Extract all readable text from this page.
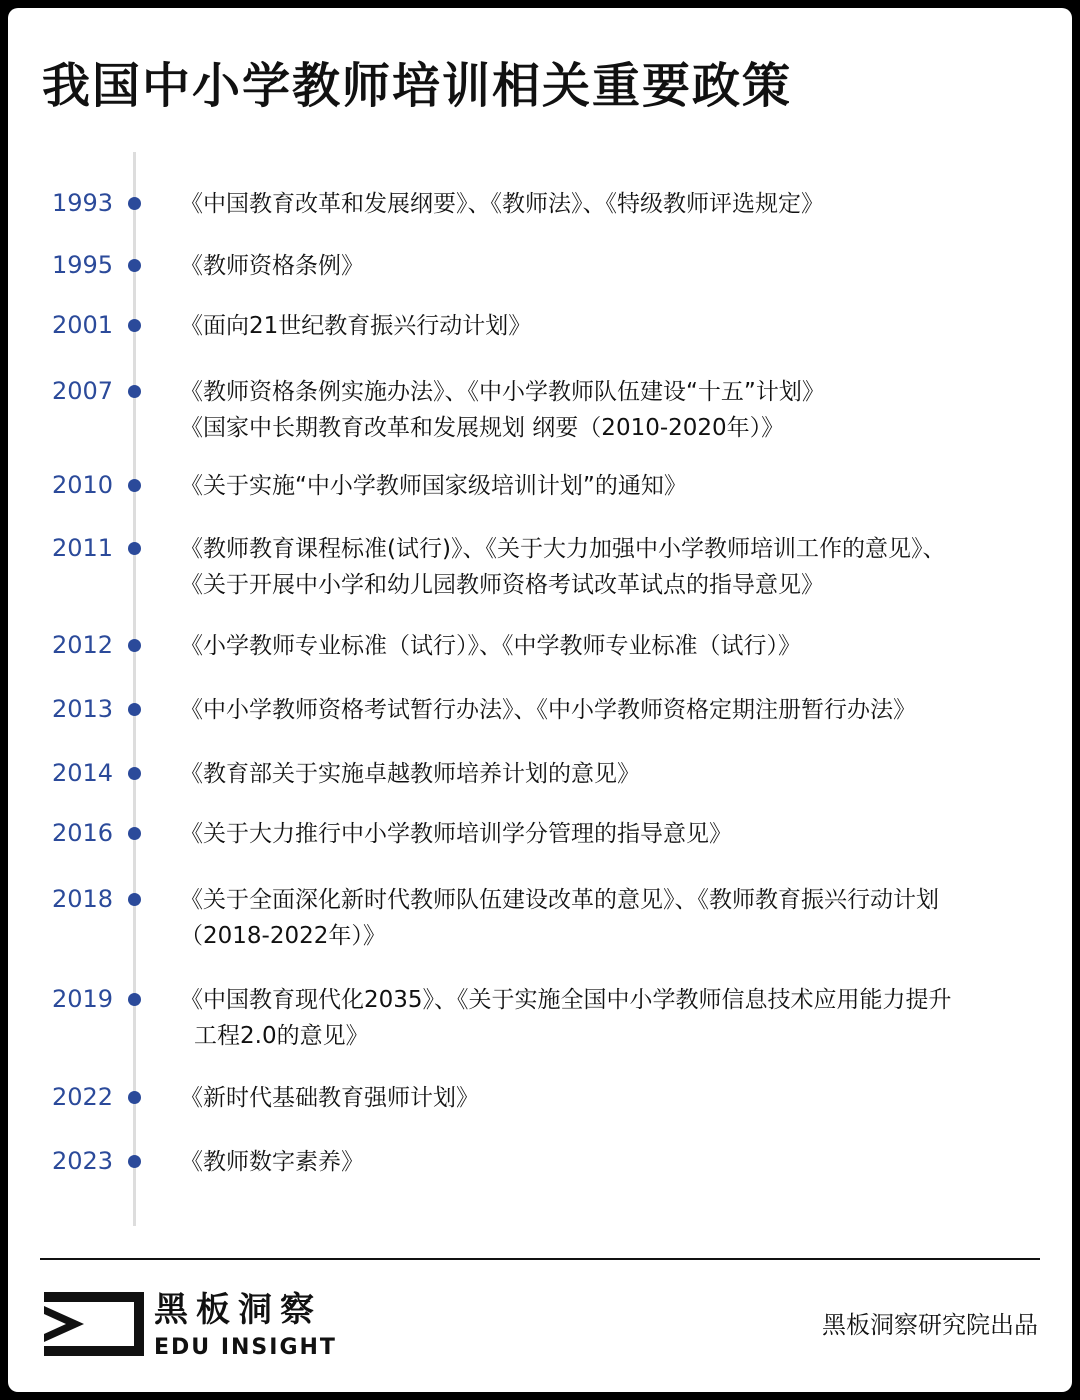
我国中小学教师培训相关重要政策
1993	《中国教育改革和发展纲要》、《教师法》、《特级教师评选规定》
1995	《教师资格条例》
2001	《面向21世纪教育振兴行动计划》
2007	《教师资格条例实施办法》、《中小学教师队伍建设“十五”计划》
《国家中长期教育改革和发展规划 纲要（2010-2020年）》
2010	《关于实施“中小学教师国家级培训计划”的通知》
2011	《教师教育课程标准(试行)》、《关于大力加强中小学教师培训工作的意见》、
《关于开展中小学和幼儿园教师资格考试改革试点的指导意见》
2012	《小学教师专业标准（试行）》、《中学教师专业标准（试行）》
2013	《中小学教师资格考试暂行办法》、《中小学教师资格定期注册暂行办法》
2014	《教育部关于实施卓越教师培养计划的意见》
2016	《关于大力推行中小学教师培训学分管理的指导意见》
2018	《关于全面深化新时代教师队伍建设改革的意见》、《教师教育振兴行动计划
（2018-2022年）》
2019	《中国教育现代化2035》、《关于实施全国中小学教师信息技术应用能力提升
工程2.0的意见》
2022	《新时代基础教育强师计划》
2023	《教师数字素养》
黑板洞察
EDU INSIGHT
黑板洞察研究院出品
